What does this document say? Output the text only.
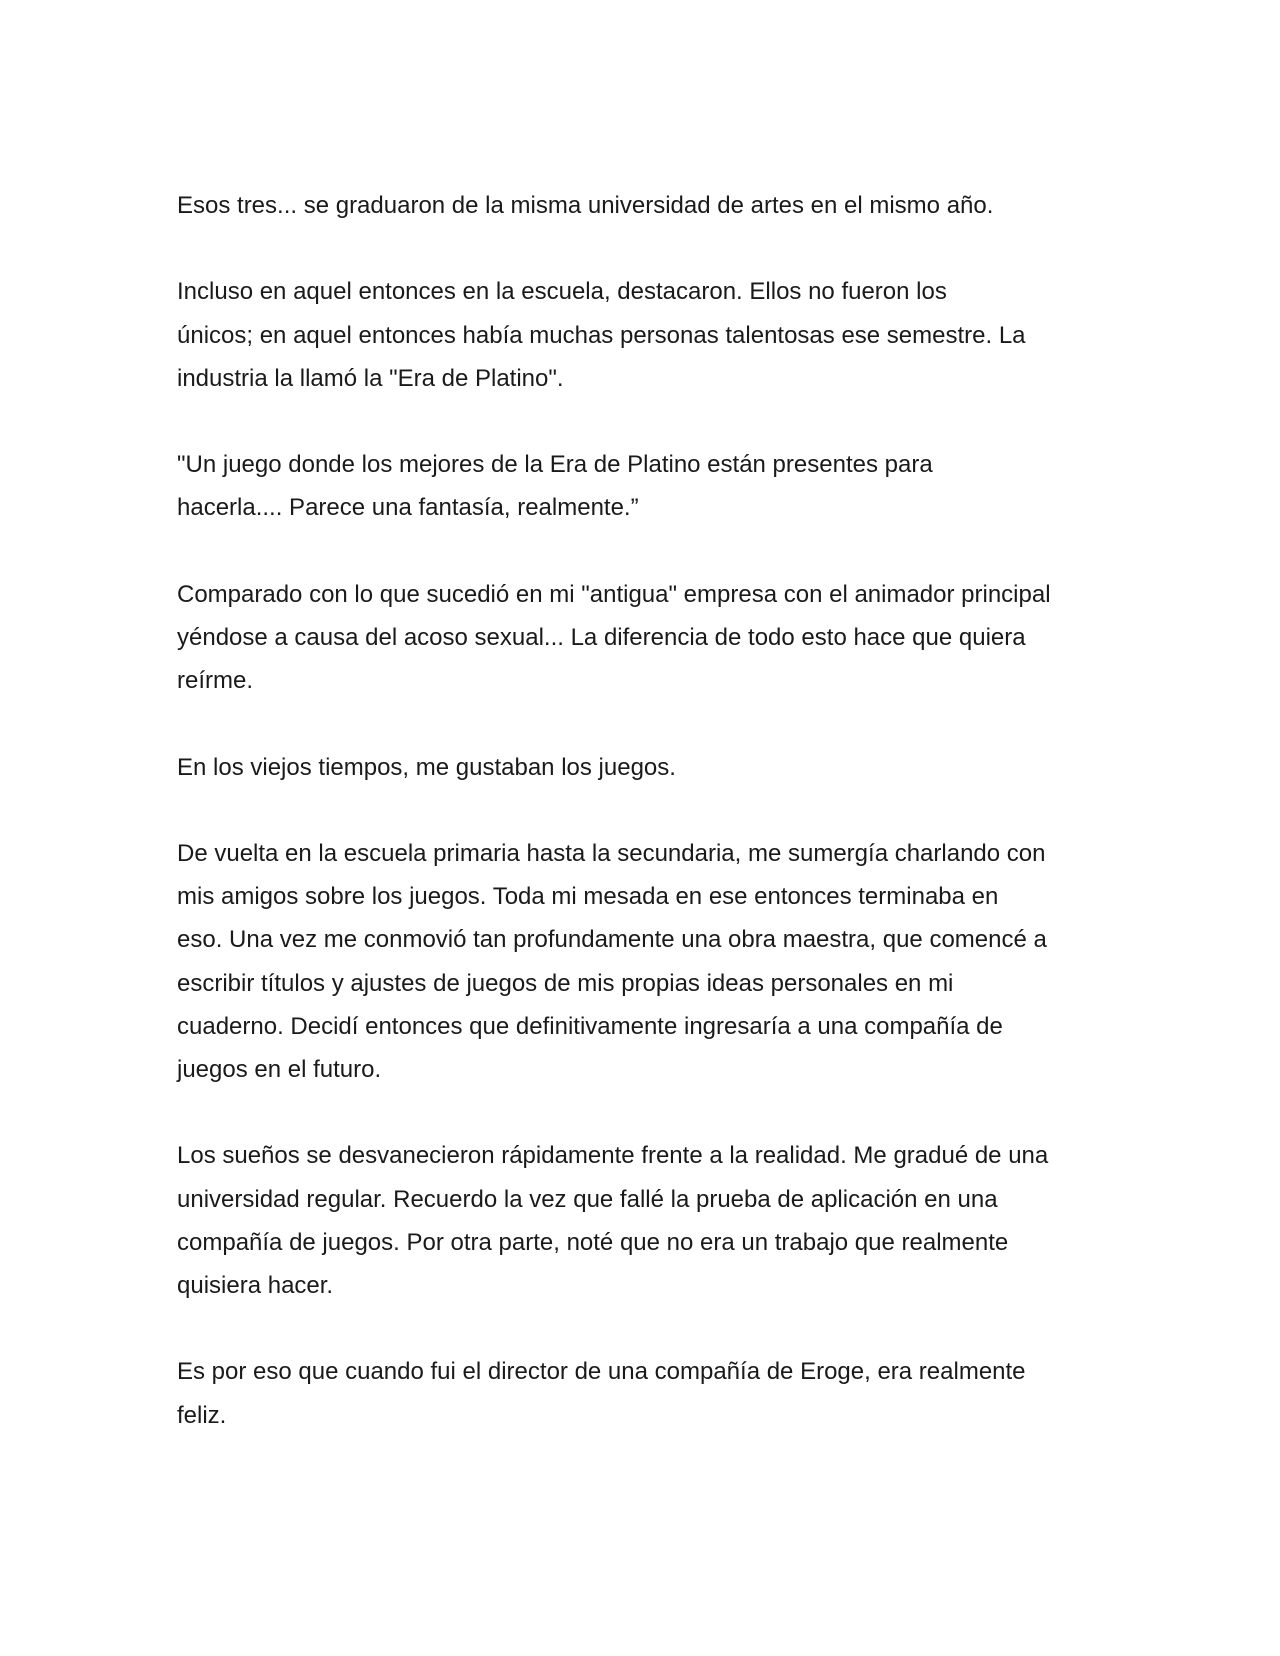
Esos tres... se graduaron de la misma universidad de artes en el mismo año.

Incluso en aquel entonces en la escuela, destacaron. Ellos no fueron los
únicos; en aquel entonces había muchas personas talentosas ese semestre. La
industria la llamó la "Era de Platino".

"Un juego donde los mejores de la Era de Platino están presentes para
hacerla.... Parece una fantasía, realmente.”

Comparado con lo que sucedió en mi "antigua" empresa con el animador principal
yéndose a causa del acoso sexual... La diferencia de todo esto hace que quiera
reírme.

En los viejos tiempos, me gustaban los juegos.

De vuelta en la escuela primaria hasta la secundaria, me sumergía charlando con
mis amigos sobre los juegos. Toda mi mesada en ese entonces terminaba en
eso. Una vez me conmovió tan profundamente una obra maestra, que comencé a
escribir títulos y ajustes de juegos de mis propias ideas personales en mi
cuaderno. Decidí entonces que definitivamente ingresaría a una compañía de
juegos en el futuro.

Los sueños se desvanecieron rápidamente frente a la realidad. Me gradué de una
universidad regular. Recuerdo la vez que fallé la prueba de aplicación en una
compañía de juegos. Por otra parte, noté que no era un trabajo que realmente
quisiera hacer.

Es por eso que cuando fui el director de una compañía de Eroge, era realmente
feliz.
